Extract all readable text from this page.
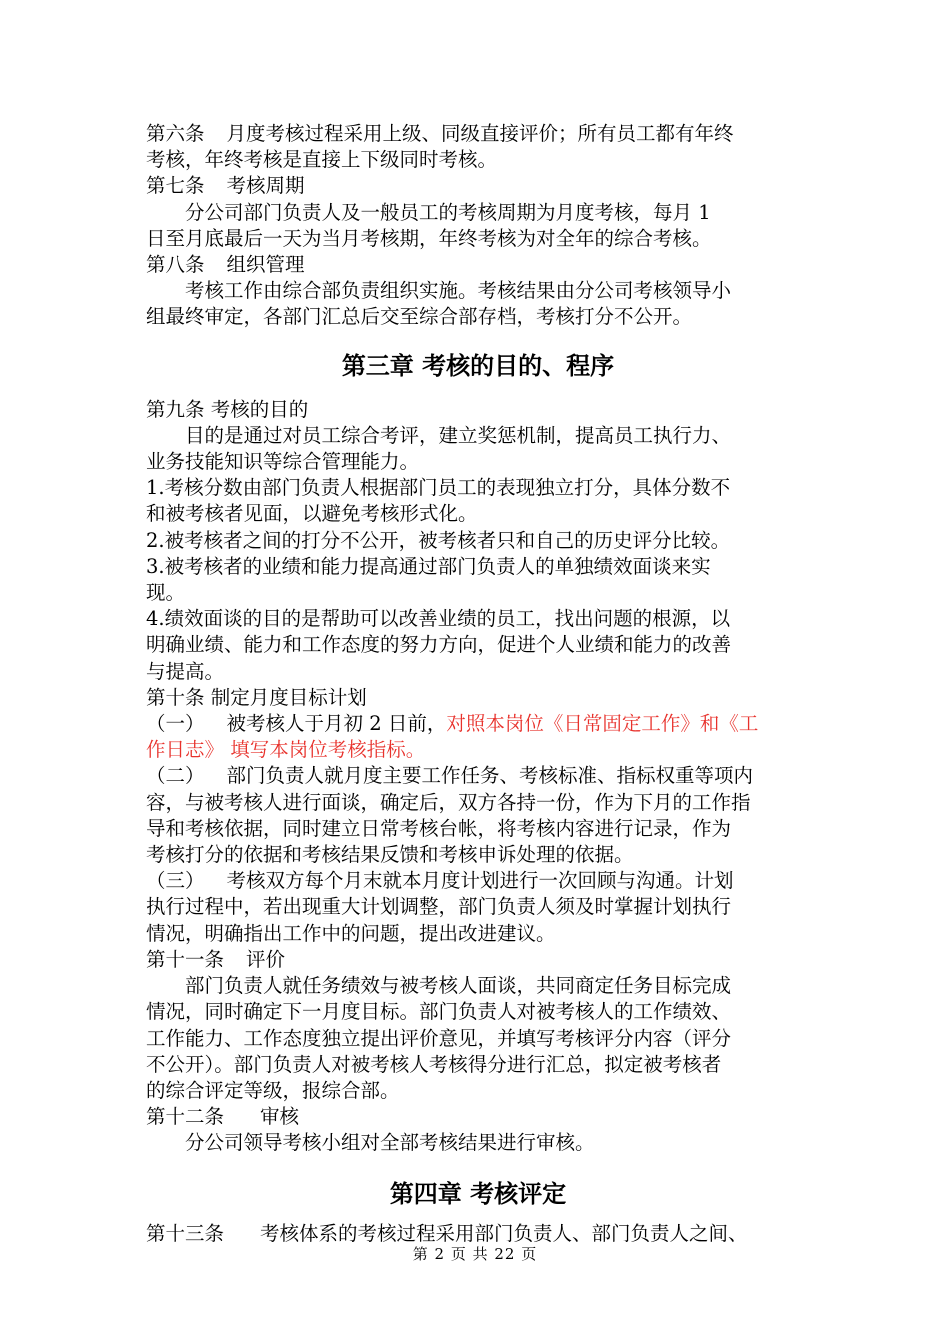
第六条 月度考核过程采用上级、同级直接评价；所有员工都有年终

考核，年终考核是直接上下级同时考核。

第七条 考核周期

分公司部门负责人及一般员工的考核周期为月度考核，每月 1

日至月底最后一天为当月考核期，年终考核为对全年的综合考核。

第八条 组织管理

考核工作由综合部负责组织实施。考核结果由分公司考核领导小

组最终审定，各部门汇总后交至综合部存档，考核打分不公开。

第三章 考核的目的、程序

第九条 考核的目的

目的是通过对员工综合考评，建立奖惩机制，提高员工执行力、

业务技能知识等综合管理能力。

1.考核分数由部门负责人根据部门员工的表现独立打分，具体分数不

和被考核者见面，以避免考核形式化。

2.被考核者之间的打分不公开，被考核者只和自己的历史评分比较。

3.被考核者的业绩和能力提高通过部门负责人的单独绩效面谈来实

现。

4.绩效面谈的目的是帮助可以改善业绩的员工，找出问题的根源，以

明确业绩、能力和工作态度的努力方向，促进个人业绩和能力的改善

与提高。

第十条 制定月度目标计划

（一） 被考核人于月初 2 日前，对照本岗位《日常固定工作》和《工

作日志》 填写本岗位考核指标。

（二） 部门负责人就月度主要工作任务、考核标准、指标权重等项内

容，与被考核人进行面谈，确定后，双方各持一份，作为下月的工作指

导和考核依据，同时建立日常考核台帐，将考核内容进行记录，作为

考核打分的依据和考核结果反馈和考核申诉处理的依据。

（三） 考核双方每个月末就本月度计划进行一次回顾与沟通。计划

执行过程中，若出现重大计划调整，部门负责人须及时掌握计划执行

情况，明确指出工作中的问题，提出改进建议。

第十一条 评价

部门负责人就任务绩效与被考核人面谈，共同商定任务目标完成

情况，同时确定下一月度目标。部门负责人对被考核人的工作绩效、

工作能力、工作态度独立提出评价意见，并填写考核评分内容（评分

不公开）。部门负责人对被考核人考核得分进行汇总，拟定被考核者

的综合评定等级，报综合部。

第十二条 审核

分公司领导考核小组对全部考核结果进行审核。

第四章 考核评定

第十三条 考核体系的考核过程采用部门负责人、部门负责人之间、

第 2 页 共 22 页
